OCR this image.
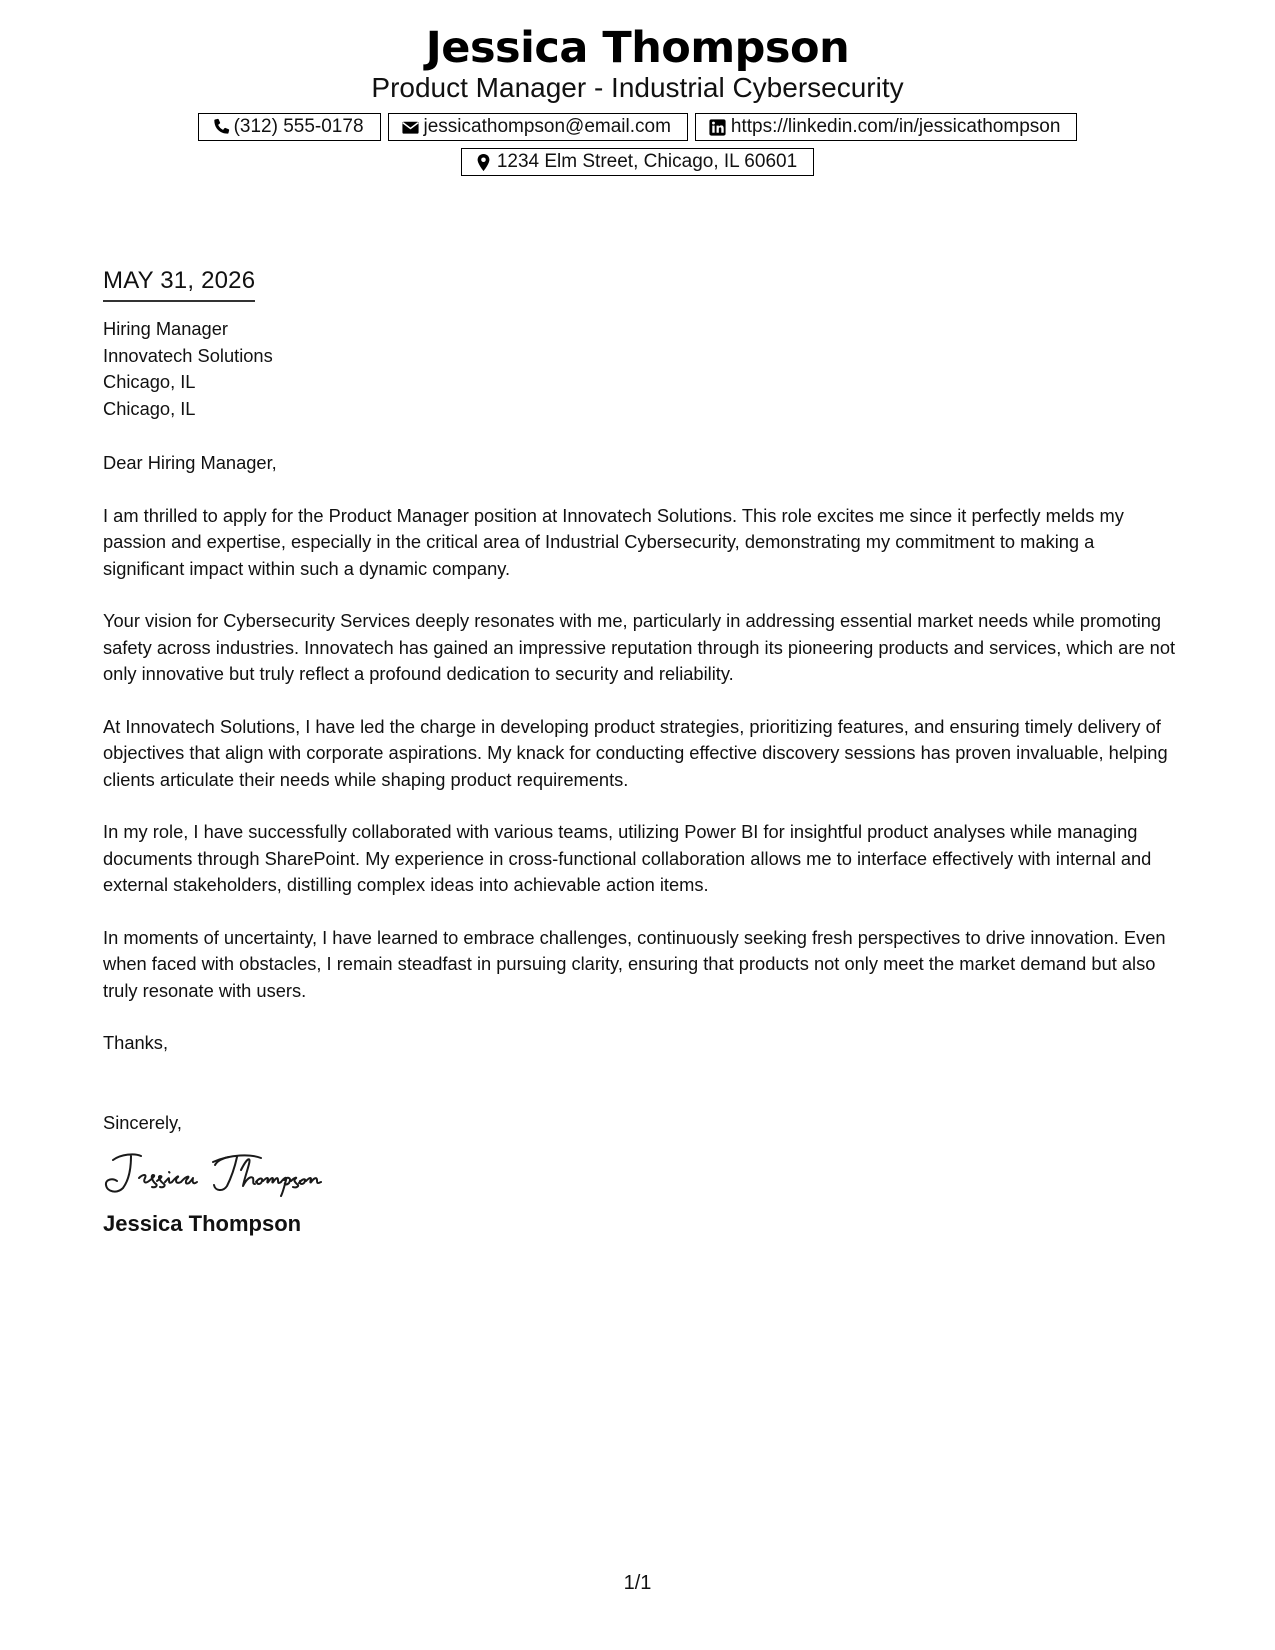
Jessica Thompson
Product Manager - Industrial Cybersecurity
(312) 555-0178	jessicathompson@email.com	https://linkedin.com/in/jessicathompson
1234 Elm Street, Chicago, IL 60601
MAY 31, 2026
Hiring Manager
Innovatech Solutions
Chicago, IL
Chicago, IL
Dear Hiring Manager,

I am thrilled to apply for the Product Manager position at Innovatech Solutions. This role excites me since it perfectly melds my passion and expertise, especially in the critical area of Industrial Cybersecurity, demonstrating my commitment to making a significant impact within such a dynamic company.

Your vision for Cybersecurity Services deeply resonates with me, particularly in addressing essential market needs while promoting safety across industries. Innovatech has gained an impressive reputation through its pioneering products and services, which are not only innovative but truly reflect a profound dedication to security and reliability.

At Innovatech Solutions, I have led the charge in developing product strategies, prioritizing features, and ensuring timely delivery of objectives that align with corporate aspirations. My knack for conducting effective discovery sessions has proven invaluable, helping clients articulate their needs while shaping product requirements.

In my role, I have successfully collaborated with various teams, utilizing Power BI for insightful product analyses while managing documents through SharePoint. My experience in cross-functional collaboration allows me to interface effectively with internal and external stakeholders, distilling complex ideas into achievable action items.

In moments of uncertainty, I have learned to embrace challenges, continuously seeking fresh perspectives to drive innovation. Even when faced with obstacles, I remain steadfast in pursuing clarity, ensuring that products not only meet the market demand but also truly resonate with users.

Thanks,
Sincerely,
Jessica Thompson
1/1
